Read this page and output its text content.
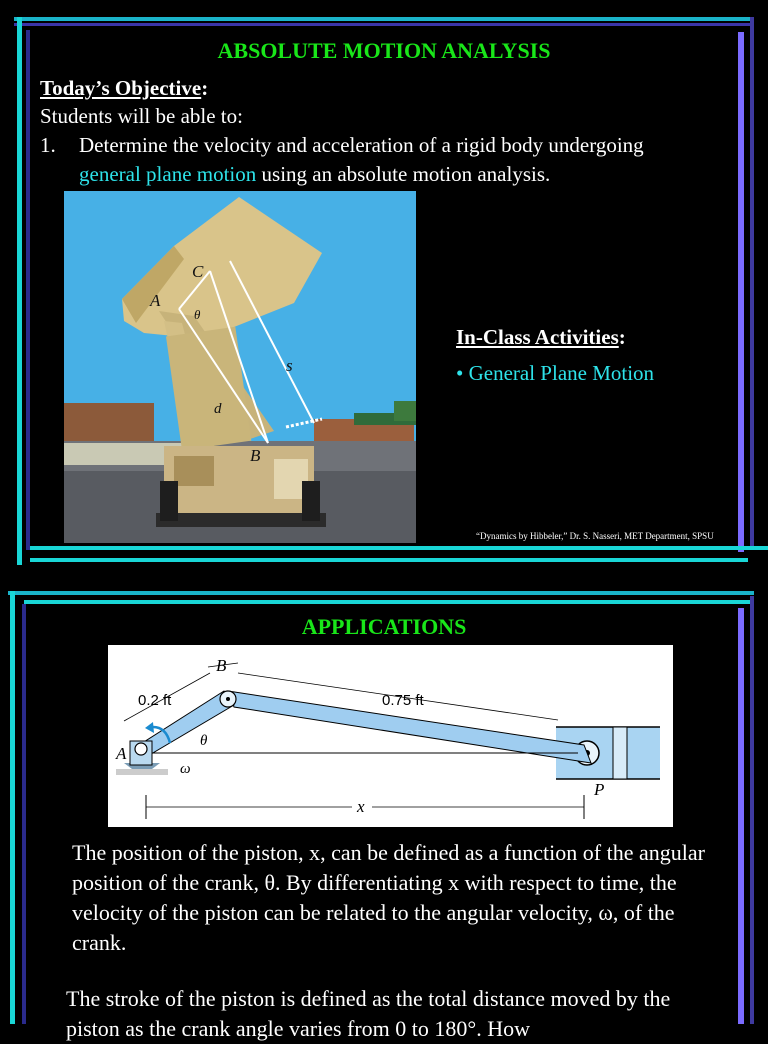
ABSOLUTE MOTION ANALYSIS
Today’s Objective:
Students will be able to:
1. Determine the velocity and acceleration of a rigid body undergoing
general plane motion using an absolute motion analysis.
A
C
θ
s
d
B
In-Class Activities:
• General Plane Motion
“Dynamics by Hibbeler,” Dr. S. Nasseri, MET Department, SPSU
APPLICATIONS
B
0.2 ft	0.75 ft
A
θ
ω
P
x
The position of the piston, x, can be defined as a function of the angular position of the crank, θ. By differentiating x with respect to time, the velocity of the piston can be related to the angular velocity, ω, of the crank.
The stroke of the piston is defined as the total distance moved by the piston as the crank angle varies from 0 to 180°. How
